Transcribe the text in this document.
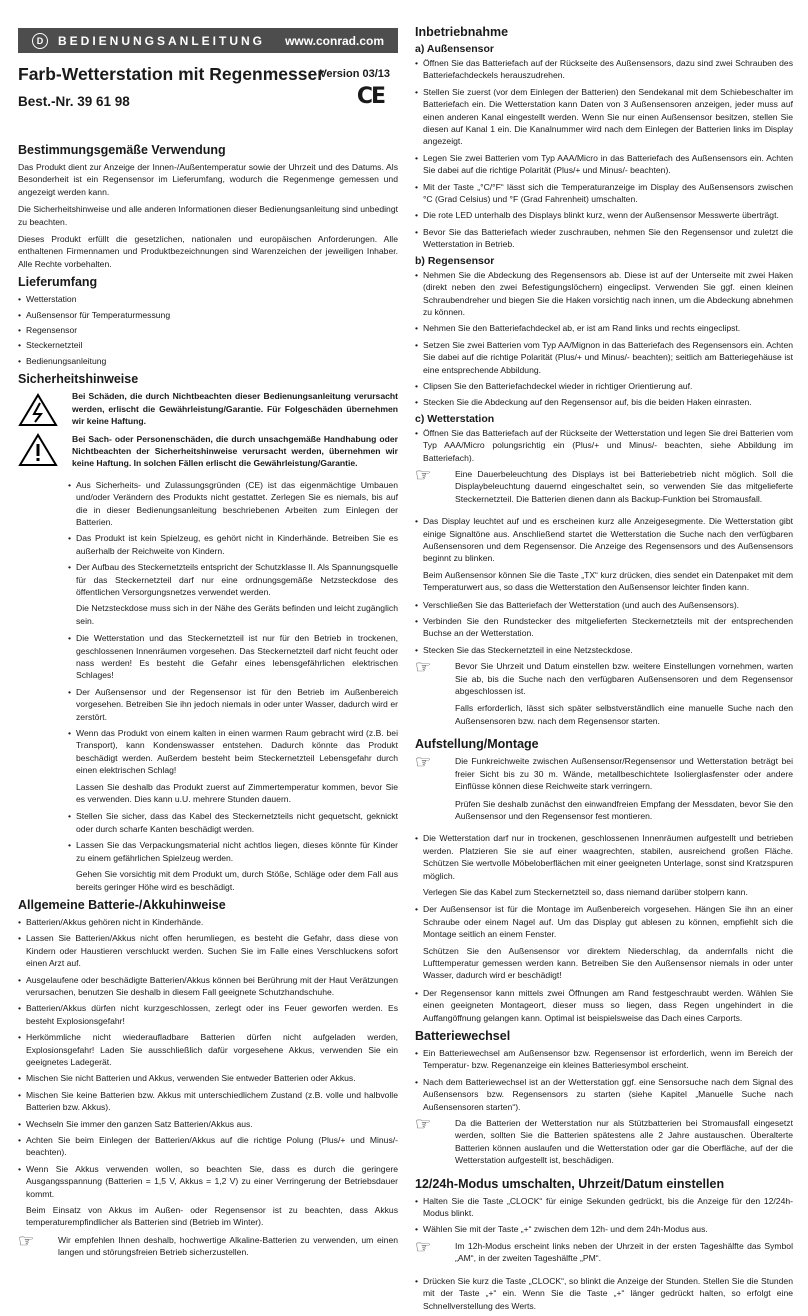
D	BEDIENUNGSANLEITUNG	www.conrad.com
Farb-Wetterstation mit Regenmesser
Version 03/13
CE
Best.-Nr. 39 61 98
Bestimmungsgemäße Verwendung

Das Produkt dient zur Anzeige der Innen-/Außentemperatur sowie der Uhrzeit und des Datums. Als Besonderheit ist ein Regensensor im Lieferumfang, wodurch die Regenmenge gemessen und angezeigt werden kann.

Die Sicherheitshinweise und alle anderen Informationen dieser Bedienungsanleitung sind unbedingt zu beachten.

Dieses Produkt erfüllt die gesetzlichen, nationalen und europäischen Anforderungen. Alle enthaltenen Firmennamen und Produktbezeichnungen sind Warenzeichen der jeweiligen Inhaber. Alle Rechte vorbehalten.

Lieferumfang
• Wetterstation
• Außensensor für Temperaturmessung
• Regensensor
• Steckernetzteil
• Bedienungsanleitung
Sicherheitshinweise

Bei Schäden, die durch Nichtbeachten dieser Bedienungsanleitung verursacht werden, erlischt die Gewährleistung/Garantie. Für Folgeschäden übernehmen wir keine Haftung.

Bei Sach- oder Personenschäden, die durch unsachgemäße Handhabung oder Nichtbeachten der Sicherheitshinweise verursacht werden, übernehmen wir keine Haftung. In solchen Fällen erlischt die Gewährleistung/Garantie.

• Aus Sicherheits- und Zulassungsgründen (CE) ist das eigenmächtige Umbauen und/oder Verändern des Produkts nicht gestattet. Zerlegen Sie es niemals, bis auf die in dieser Bedienungsanleitung beschriebenen Arbeiten zum Einlegen der Batterien.
• Das Produkt ist kein Spielzeug, es gehört nicht in Kinderhände. Betreiben Sie es außerhalb der Reichweite von Kindern.
• Der Aufbau des Steckernetzteils entspricht der Schutzklasse II. Als Spannungsquelle für das Steckernetzteil darf nur eine ordnungsgemäße Netzsteckdose des öffentlichen Versorgungsnetzes verwendet werden.

Die Netzsteckdose muss sich in der Nähe des Geräts befinden und leicht zugänglich sein.

• Die Wetterstation und das Steckernetzteil ist nur für den Betrieb in trockenen, geschlossenen Innenräumen vorgesehen. Das Steckernetzteil darf nicht feucht oder nass werden! Es besteht die Gefahr eines lebensgefährlichen elektrischen Schlages!
• Der Außensensor und der Regensensor ist für den Betrieb im Außenbereich vorgesehen. Betreiben Sie ihn jedoch niemals in oder unter Wasser, dadurch wird er zerstört.
• Wenn das Produkt von einem kalten in einen warmen Raum gebracht wird (z.B. bei Transport), kann Kondenswasser entstehen. Dadurch könnte das Produkt beschädigt werden. Außerdem besteht beim Steckernetzteil Lebensgefahr durch einen elektrischen Schlag!

Lassen Sie deshalb das Produkt zuerst auf Zimmertemperatur kommen, bevor Sie es verwenden. Dies kann u.U. mehrere Stunden dauern.

• Stellen Sie sicher, dass das Kabel des Steckernetzteils nicht gequetscht, geknickt oder durch scharfe Kanten beschädigt werden.
• Lassen Sie das Verpackungsmaterial nicht achtlos liegen, dieses könnte für Kinder zu einem gefährlichen Spielzeug werden.

Gehen Sie vorsichtig mit dem Produkt um, durch Stöße, Schläge oder dem Fall aus bereits geringer Höhe wird es beschädigt.

Allgemeine Batterie-/Akkuhinweise
• Batterien/Akkus gehören nicht in Kinderhände.
• Lassen Sie Batterien/Akkus nicht offen herumliegen, es besteht die Gefahr, dass diese von Kindern oder Haustieren verschluckt werden. Suchen Sie im Falle eines Verschluckens sofort einen Arzt auf.
• Ausgelaufene oder beschädigte Batterien/Akkus können bei Berührung mit der Haut Verätzungen verursachen, benutzen Sie deshalb in diesem Fall geeignete Schutzhandschuhe.
• Batterien/Akkus dürfen nicht kurzgeschlossen, zerlegt oder ins Feuer geworfen werden. Es besteht Explosionsgefahr!
• Herkömmliche nicht wiederaufladbare Batterien dürfen nicht aufgeladen werden, Explosionsgefahr! Laden Sie ausschließlich dafür vorgesehene Akkus, verwenden Sie ein geeignetes Ladegerät.
• Mischen Sie nicht Batterien und Akkus, verwenden Sie entweder Batterien oder Akkus.
• Mischen Sie keine Batterien bzw. Akkus mit unterschiedlichem Zustand (z.B. volle und halbvolle Batterien bzw. Akkus).
• Wechseln Sie immer den ganzen Satz Batterien/Akkus aus.
• Achten Sie beim Einlegen der Batterien/Akkus auf die richtige Polung (Plus/+ und Minus/- beachten).
• Wenn Sie Akkus verwenden wollen, so beachten Sie, dass es durch die geringere Ausgangsspannung (Batterien = 1,5 V, Akkus = 1,2 V) zu einer Verringerung der Betriebsdauer kommt.

Beim Einsatz von Akkus im Außen- oder Regensensor ist zu beachten, dass Akkus temperaturempfindlicher als Batterien sind (Betrieb im Winter).

☞	Wir empfehlen Ihnen deshalb, hochwertige Alkaline-Batterien zu verwenden, um einen langen und störungsfreien Betrieb sicherzustellen.

Inbetriebnahme
a) Außensensor
• Öffnen Sie das Batteriefach auf der Rückseite des Außensensors, dazu sind zwei Schrauben des Batteriefachdeckels herauszudrehen.
• Stellen Sie zuerst (vor dem Einlegen der Batterien) den Sendekanal mit dem Schiebeschalter im Batteriefach ein. Die Wetterstation kann Daten von 3 Außensensoren anzeigen, jeder muss auf einen anderen Kanal eingestellt werden. Wenn Sie nur einen Außensensor besitzen, stellen Sie diesen auf Kanal 1 ein. Die Kanalnummer wird nach dem Einlegen der Batterien links im Display angezeigt.
• Legen Sie zwei Batterien vom Typ AAA/Micro in das Batteriefach des Außensensors ein. Achten Sie dabei auf die richtige Polarität (Plus/+ und Minus/- beachten).
• Mit der Taste „°C/°F“ lässt sich die Temperaturanzeige im Display des Außensensors zwischen °C (Grad Celsius) und °F (Grad Fahrenheit) umschalten.
• Die rote LED unterhalb des Displays blinkt kurz, wenn der Außensensor Messwerte überträgt.
• Bevor Sie das Batteriefach wieder zuschrauben, nehmen Sie den Regensensor und zuletzt die Wetterstation in Betrieb.
b) Regensensor
• Nehmen Sie die Abdeckung des Regensensors ab. Diese ist auf der Unterseite mit zwei Haken (direkt neben den zwei Befestigungslöchern) eingeclipst. Verwenden Sie ggf. einen kleinen Schraubendreher und biegen Sie die Haken vorsichtig nach innen, um die Abdeckung abnehmen zu können.
• Nehmen Sie den Batteriefachdeckel ab, er ist am Rand links und rechts eingeclipst.
• Setzen Sie zwei Batterien vom Typ AA/Mignon in das Batteriefach des Regensensors ein. Achten Sie dabei auf die richtige Polarität (Plus/+ und Minus/- beachten); seitlich am Batteriegehäuse ist eine entsprechende Abbildung.
• Clipsen Sie den Batteriefachdeckel wieder in richtiger Orientierung auf.
• Stecken Sie die Abdeckung auf den Regensensor auf, bis die beiden Haken einrasten.
c) Wetterstation
• Öffnen Sie das Batteriefach auf der Rückseite der Wetterstation und legen Sie drei Batterien vom Typ AAA/Micro polungsrichtig ein (Plus/+ und Minus/- beachten, siehe Abbildung im Batteriefach).
☞	Eine Dauerbeleuchtung des Displays ist bei Batteriebetrieb nicht möglich. Soll die Displaybeleuchtung dauernd eingeschaltet sein, so verwenden Sie das mitgelieferte Steckernetzteil. Die Batterien dienen dann als Backup-Funktion bei Stromausfall.

• Das Display leuchtet auf und es erscheinen kurz alle Anzeigesegmente. Die Wetterstation gibt einige Signaltöne aus. Anschließend startet die Wetterstation die Suche nach den verfügbaren Außensensoren und dem Regensensor. Die Anzeige des Regensensors und des Außensensors beginnt zu blinken.

Beim Außensensor können Sie die Taste „TX“ kurz drücken, dies sendet ein Datenpaket mit dem Temperaturwert aus, so dass die Wetterstation den Außensensor leichter finden kann.

• Verschließen Sie das Batteriefach der Wetterstation (und auch des Außensensors).
• Verbinden Sie den Rundstecker des mitgelieferten Steckernetzteils mit der entsprechenden Buchse an der Wetterstation.
• Stecken Sie das Steckernetzteil in eine Netzsteckdose.
☞	Bevor Sie Uhrzeit und Datum einstellen bzw. weitere Einstellungen vornehmen, warten Sie ab, bis die Suche nach den verfügbaren Außensensoren und dem Regensensor abgeschlossen ist.

Falls erforderlich, lässt sich später selbstverständlich eine manuelle Suche nach den Außensensoren bzw. nach dem Regensensor starten.

Aufstellung/Montage
☞	Die Funkreichweite zwischen Außensensor/Regensensor und Wetterstation beträgt bei freier Sicht bis zu 30 m. Wände, metallbeschichtete Isolierglasfenster oder andere Einflüsse können diese Reichweite stark verringern.

Prüfen Sie deshalb zunächst den einwandfreien Empfang der Messdaten, bevor Sie den Außensensor und den Regensensor fest montieren.

• Die Wetterstation darf nur in trockenen, geschlossenen Innenräumen aufgestellt und betrieben werden. Platzieren Sie sie auf einer waagrechten, stabilen, ausreichend großen Fläche. Schützen Sie wertvolle Möbeloberflächen mit einer geeigneten Unterlage, sonst sind Kratzspuren möglich.

Verlegen Sie das Kabel zum Steckernetzteil so, dass niemand darüber stolpern kann.

• Der Außensensor ist für die Montage im Außenbereich vorgesehen. Hängen Sie ihn an einer Schraube oder einem Nagel auf. Um das Display gut ablesen zu können, empfiehlt sich die Montage seitlich an einem Fenster.

Schützen Sie den Außensensor vor direktem Niederschlag, da andernfalls nicht die Lufttemperatur gemessen werden kann. Betreiben Sie den Außensensor niemals in oder unter Wasser, dadurch wird er beschädigt!

• Der Regensensor kann mittels zwei Öffnungen am Rand festgeschraubt werden. Wählen Sie einen geeigneten Montageort, dieser muss so liegen, dass Regen ungehindert in die Auffangöffnung gelangen kann. Optimal ist beispielsweise das Dach eines Carports.
Batteriewechsel
• Ein Batteriewechsel am Außensensor bzw. Regensensor ist erforderlich, wenn im Bereich der Temperatur- bzw. Regenanzeige ein kleines Batteriesymbol erscheint.
• Nach dem Batteriewechsel ist an der Wetterstation ggf. eine Sensorsuche nach dem Signal des Außensensors bzw. Regensensors zu starten (siehe Kapitel „Manuelle Suche nach Außensensoren starten“).
☞	Da die Batterien der Wetterstation nur als Stützbatterien bei Stromausfall eingesetzt werden, sollten Sie die Batterien spätestens alle 2 Jahre austauschen. Überalterte Batterien können auslaufen und die Wetterstation oder gar die Oberfläche, auf der die Wetterstation aufgestellt ist, beschädigen.

12/24h-Modus umschalten, Uhrzeit/Datum einstellen
• Halten Sie die Taste „CLOCK“ für einige Sekunden gedrückt, bis die Anzeige für den 12/24h-Modus blinkt.
• Wählen Sie mit der Taste „+“ zwischen dem 12h- und dem 24h-Modus aus.
☞	Im 12h-Modus erscheint links neben der Uhrzeit in der ersten Tageshälfte das Symbol „AM“, in der zweiten Tageshälfte „PM“.

• Drücken Sie kurz die Taste „CLOCK“, so blinkt die Anzeige der Stunden. Stellen Sie die Stunden mit der Taste „+“ ein. Wenn Sie die Taste „+“ länger gedrückt halten, so erfolgt eine Schnellverstellung des Werts.
